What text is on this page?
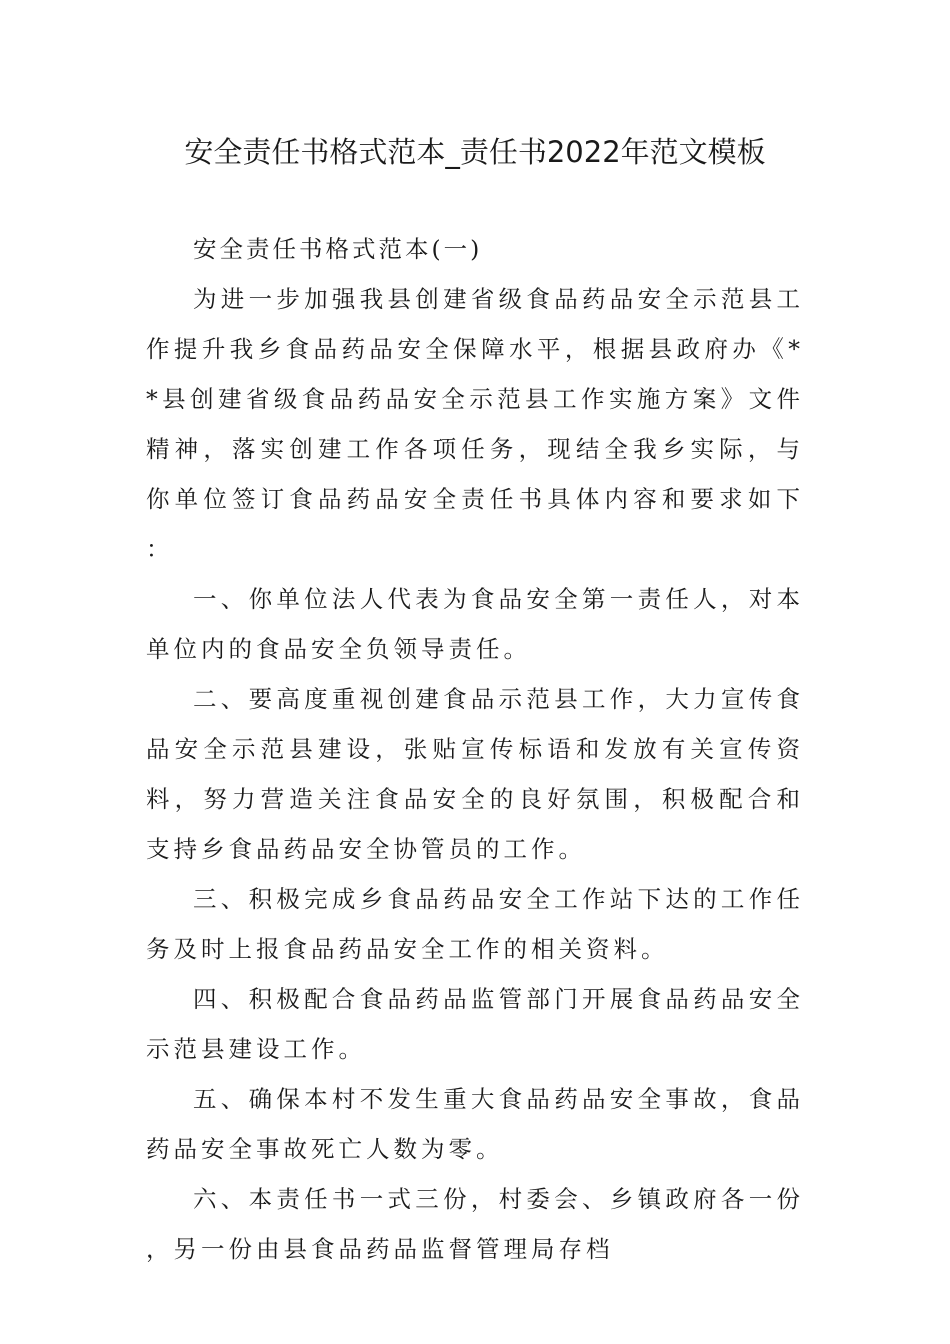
安全责任书格式范本_责任书2022年范文模板

安全责任书格式范本(一)

为进一步加强我县创建省级食品药品安全示范县工作提升我乡食品药品安全保障水平，根据县政府办《**县创建省级食品药品安全示范县工作实施方案》文件精神，落实创建工作各项任务，现结全我乡实际，与你单位签订食品药品安全责任书具体内容和要求如下：

一、你单位法人代表为食品安全第一责任人，对本单位内的食品安全负领导责任。

二、要高度重视创建食品示范县工作，大力宣传食品安全示范县建设，张贴宣传标语和发放有关宣传资料，努力营造关注食品安全的良好氛围，积极配合和支持乡食品药品安全协管员的工作。

三、积极完成乡食品药品安全工作站下达的工作任务及时上报食品药品安全工作的相关资料。

四、积极配合食品药品监管部门开展食品药品安全示范县建设工作。

五、确保本村不发生重大食品药品安全事故，食品药品安全事故死亡人数为零。

六、本责任书一式三份，村委会、乡镇政府各一份，另一份由县食品药品监督管理局存档
